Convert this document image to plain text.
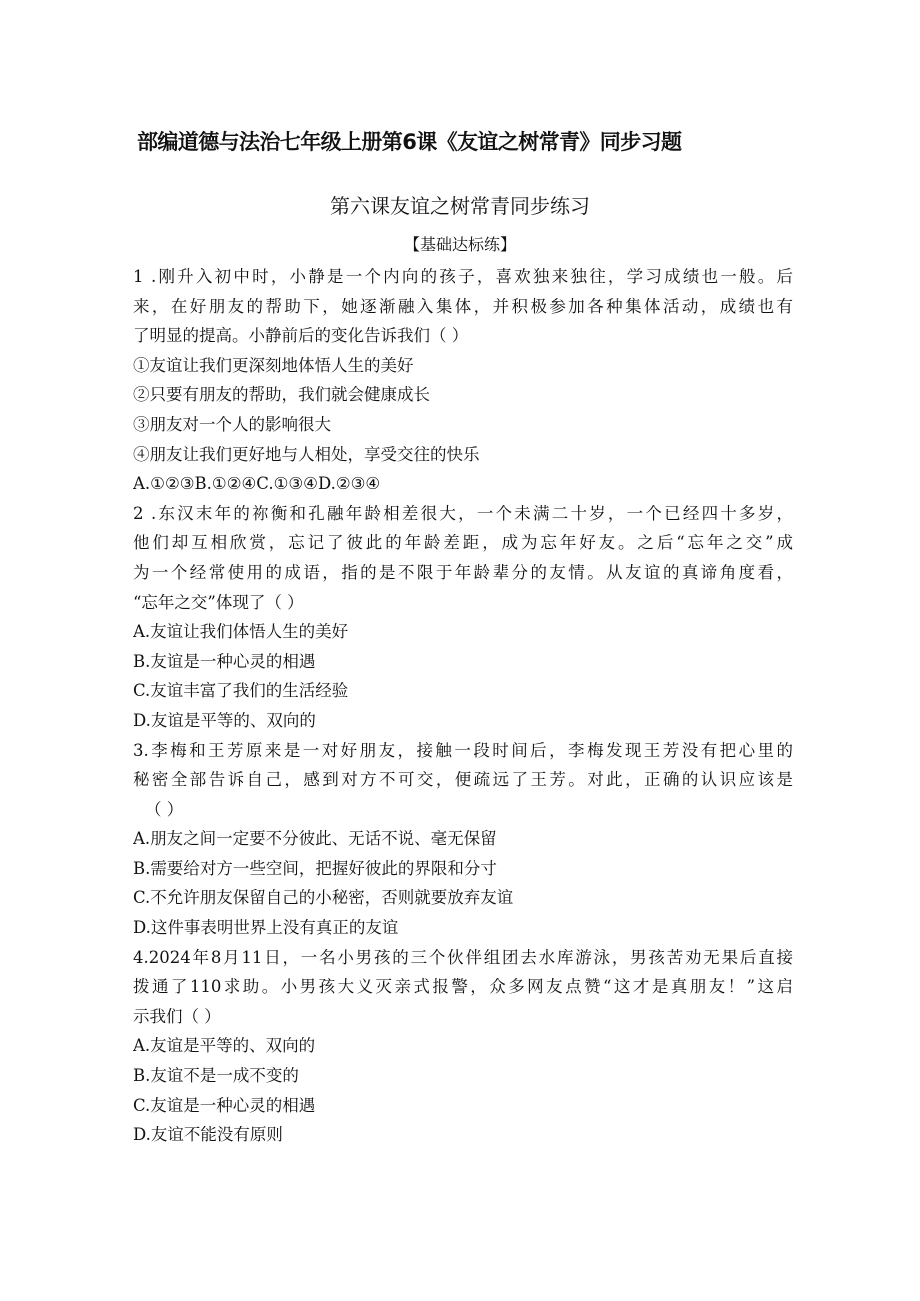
部编道德与法治七年级上册第6课《友谊之树常青》同步习题
第六课友谊之树常青同步练习
【基础达标练】
1 .刚升入初中时，小静是一个内向的孩子，喜欢独来独往，学习成绩也一般。后
来，在好朋友的帮助下，她逐渐融入集体，并积极参加各种集体活动，成绩也有
了明显的提高。小静前后的变化告诉我们（ ）
①友谊让我们更深刻地体悟人生的美好
②只要有朋友的帮助，我们就会健康成长
③朋友对一个人的影响很大
④朋友让我们更好地与人相处，享受交往的快乐
A.①②③B.①②④C.①③④D.②③④
2 .东汉末年的祢衡和孔融年龄相差很大，一个未满二十岁，一个已经四十多岁，
他们却互相欣赏，忘记了彼此的年龄差距，成为忘年好友。之后“忘年之交”成
为一个经常使用的成语，指的是不限于年龄辈分的友情。从友谊的真谛角度看，
“忘年之交”体现了（ ）
A.友谊让我们体悟人生的美好
B.友谊是一种心灵的相遇
C.友谊丰富了我们的生活经验
D.友谊是平等的、双向的
3.李梅和王芳原来是一对好朋友，接触一段时间后，李梅发现王芳没有把心里的
秘密全部告诉自己，感到对方不可交，便疏远了王芳。对此，正确的认识应该是
（ ）
A.朋友之间一定要不分彼此、无话不说、毫无保留
B.需要给对方一些空间，把握好彼此的界限和分寸
C.不允许朋友保留自己的小秘密，否则就要放弃友谊
D.这件事表明世界上没有真正的友谊
4.2024年8月11日，一名小男孩的三个伙伴组团去水库游泳，男孩苦劝无果后直接
拨通了110求助。小男孩大义灭亲式报警，众多网友点赞“这才是真朋友！”这启
示我们（ ）
A.友谊是平等的、双向的
B.友谊不是一成不变的
C.友谊是一种心灵的相遇
D.友谊不能没有原则
